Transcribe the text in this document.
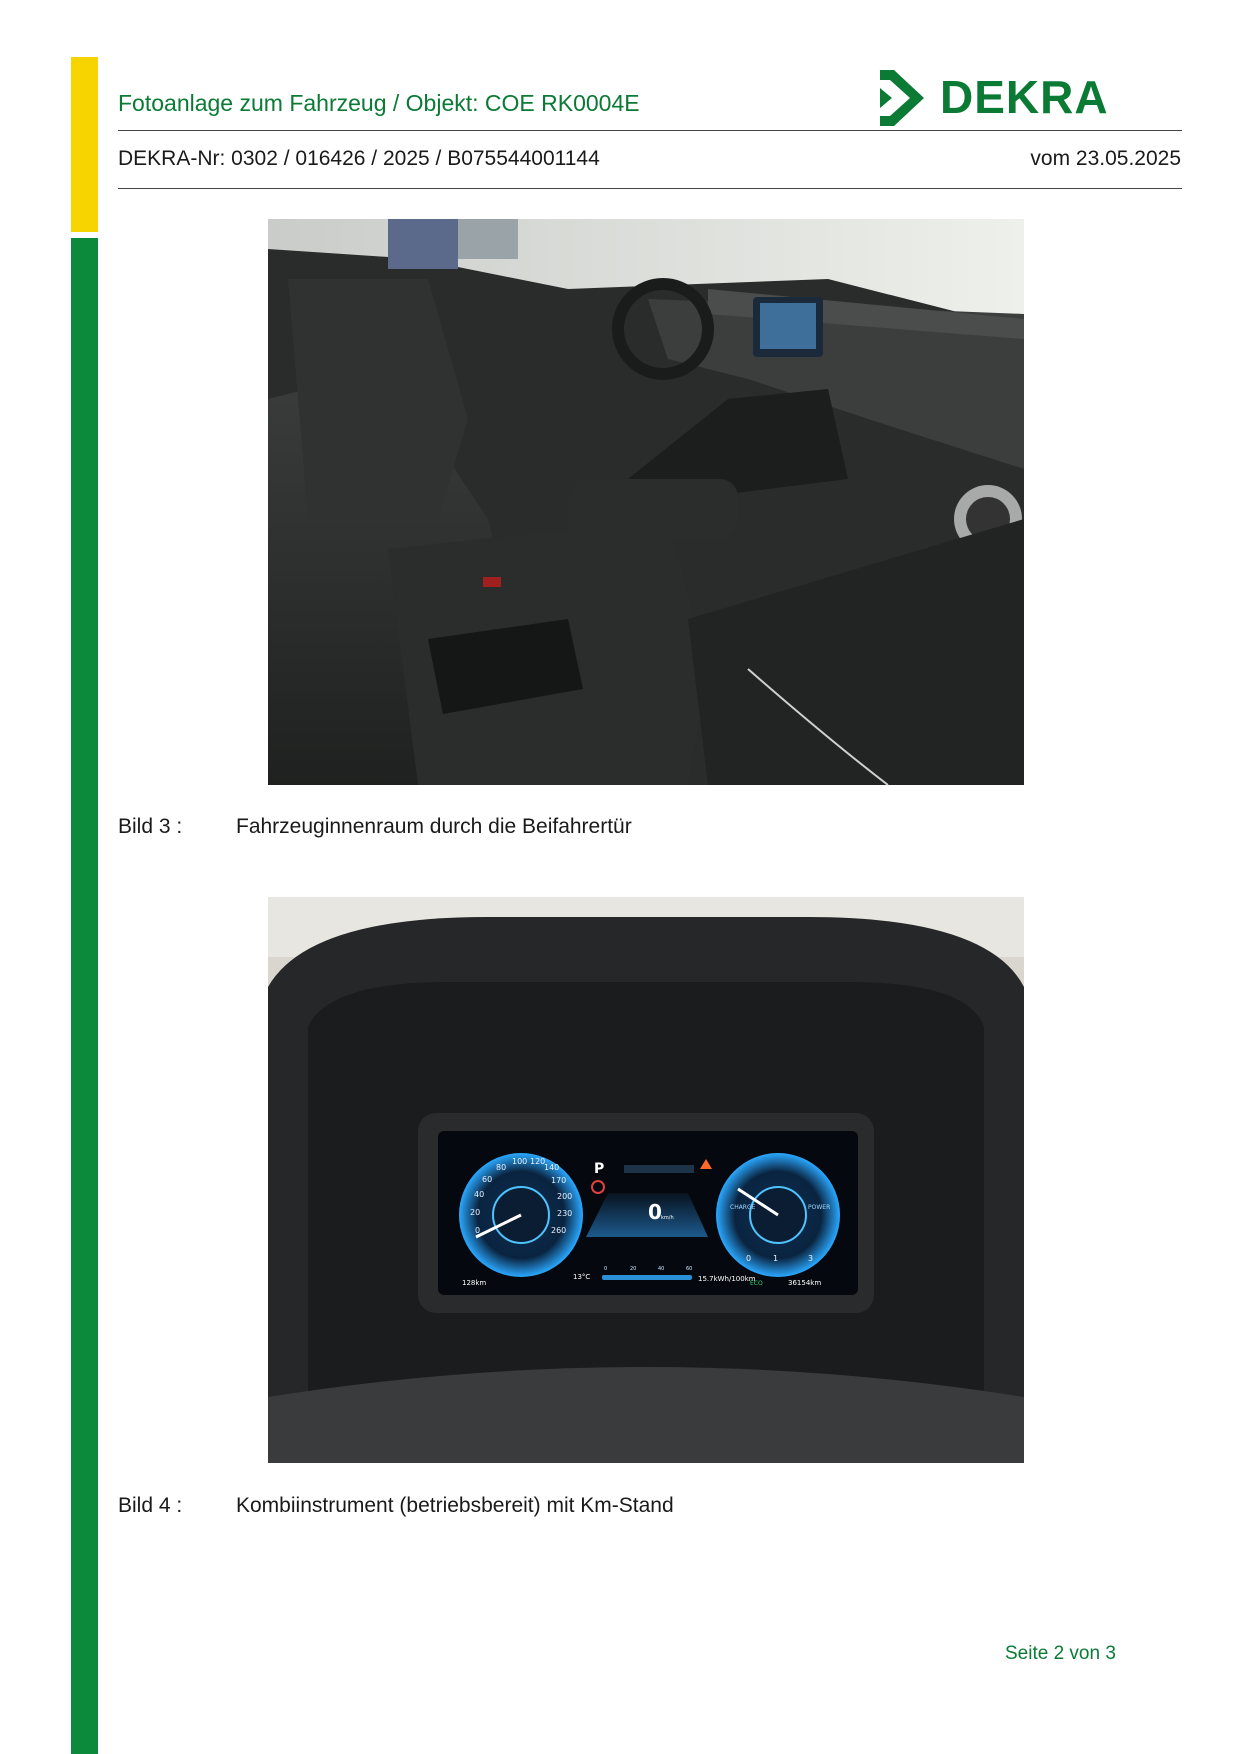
Fotoanlage zum Fahrzeug / Objekt: COE RK0004E	DEKRA
DEKRA-Nr: 0302 / 016426 / 2025 / B075544001144	vom 23.05.2025
Bild 3 :	Fahrzeuginnenraum durch die Beifahrertür
0
20
40
60
80
100 120
140
170
200
230
260
CHARGE	POWER
0	1	3
P
0 km/h
0	20	40	60
128km
13°C	15.7kWh/100km
ECO	36154km
Bild 4 :	Kombiinstrument (betriebsbereit) mit Km-Stand
Seite 2 von 3
